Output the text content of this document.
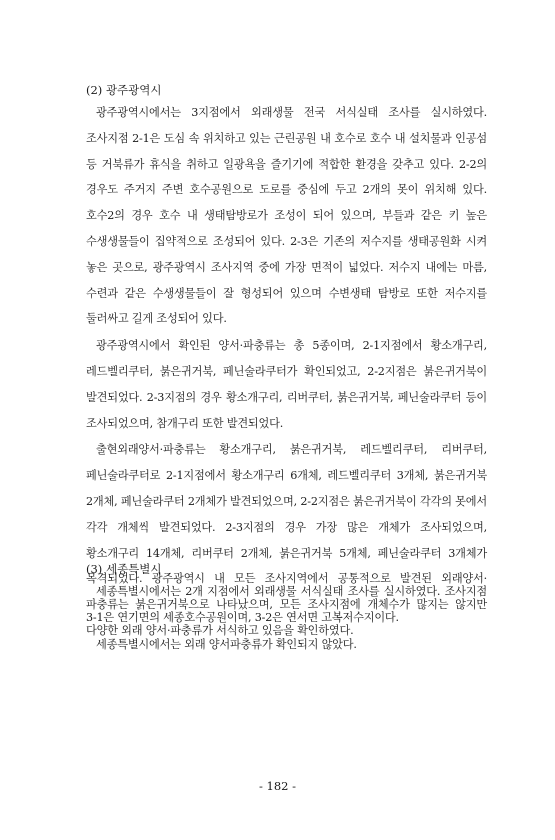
(2) 광주광역시

광주광역시에서는 3지점에서 외래생물 전국 서식실태 조사를 실시하였다. 조사지점 2-1은 도심 속 위치하고 있는 근린공원 내 호수로 호수 내 설치물과 인공섬 등 거북류가 휴식을 취하고 일광욕을 즐기기에 적합한 환경을 갖추고 있다. 2-2의 경우도 주거지 주변 호수공원으로 도로를 중심에 두고 2개의 못이 위치해 있다. 호수2의 경우 호수 내 생태탐방로가 조성이 되어 있으며, 부들과 같은 키 높은 수생생물들이 집약적으로 조성되어 있다. 2-3은 기존의 저수지를 생태공원화 시켜 놓은 곳으로, 광주광역시 조사지역 중에 가장 면적이 넓었다. 저수지 내에는 마름, 수련과 같은 수생생물들이 잘 형성되어 있으며 수변생태 탐방로 또한 저수지를 둘러싸고 길게 조성되어 있다.

광주광역시에서 확인된 양서·파충류는 총 5종이며, 2-1지점에서 황소개구리, 레드벨리쿠터, 붉은귀거북, 페닌술라쿠터가 확인되었고, 2-2지점은 붉은귀거북이 발견되었다. 2-3지점의 경우 황소개구리, 리버쿠터, 붉은귀거북, 페닌술라쿠터 등이 조사되었으며, 참개구리 또한 발견되었다.

출현외래양서·파충류는 황소개구리, 붉은귀거북, 레드벨리쿠터, 리버쿠터, 페닌술라쿠터로 2-1지점에서 황소개구리 6개체, 레드벨리쿠터 3개체, 붉은귀거북 2개체, 페닌술라쿠터 2개체가 발견되었으며, 2-2지점은 붉은귀거북이 각각의 못에서 각각 개체씩 발견되었다. 2-3지점의 경우 가장 많은 개체가 조사되었으며, 황소개구리 14개체, 리버쿠터 2개체, 붉은귀거북 5개체, 페닌술라쿠터 3개체가 목격되었다. 광주광역시 내 모든 조사지역에서 공통적으로 발견된 외래양서·파충류는 붉은귀거북으로 나타났으며, 모든 조사지점에 개체수가 많지는 않지만 다양한 외래 양서·파충류가 서식하고 있음을 확인하였다.

(3) 세종특별시

세종특별시에서는 2개 지점에서 외래생물 서식실태 조사를 실시하였다. 조사지점 3-1은 연기면의 세종호수공원이며, 3-2은 연서면 고복저수지이다.

세종특별시에서는 외래 양서파충류가 확인되지 않았다.

- 182 -
